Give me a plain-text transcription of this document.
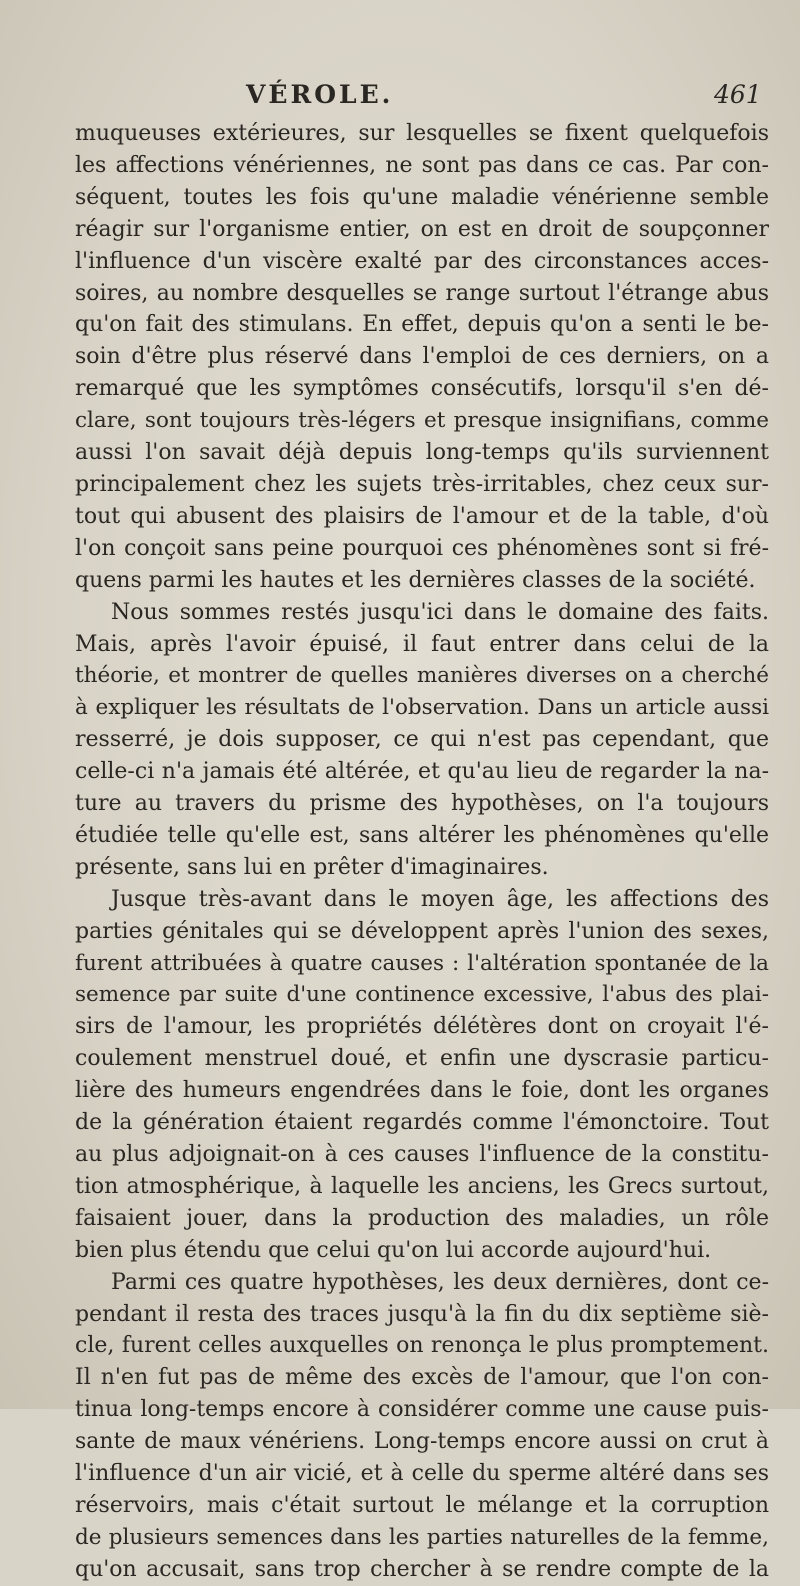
VÉROLE.	461
muqueuses extérieures, sur lesquelles se fixent quelquefois
les affections vénériennes, ne sont pas dans ce cas. Par con-
séquent, toutes les fois qu'une maladie vénérienne semble
réagir sur l'organisme entier, on est en droit de soupçonner
l'influence d'un viscère exalté par des circonstances acces-
soires, au nombre desquelles se range surtout l'étrange abus
qu'on fait des stimulans. En effet, depuis qu'on a senti le be-
soin d'être plus réservé dans l'emploi de ces derniers, on a
remarqué que les symptômes consécutifs, lorsqu'il s'en dé-
clare, sont toujours très-légers et presque insignifians, comme
aussi l'on savait déjà depuis long-temps qu'ils surviennent
principalement chez les sujets très-irritables, chez ceux sur-
tout qui abusent des plaisirs de l'amour et de la table, d'où
l'on conçoit sans peine pourquoi ces phénomènes sont si fré-
quens parmi les hautes et les dernières classes de la société.
Nous sommes restés jusqu'ici dans le domaine des faits.
Mais, après l'avoir épuisé, il faut entrer dans celui de la
théorie, et montrer de quelles manières diverses on a cherché
à expliquer les résultats de l'observation. Dans un article aussi
resserré, je dois supposer, ce qui n'est pas cependant, que
celle-ci n'a jamais été altérée, et qu'au lieu de regarder la na-
ture au travers du prisme des hypothèses, on l'a toujours
étudiée telle qu'elle est, sans altérer les phénomènes qu'elle
présente, sans lui en prêter d'imaginaires.
Jusque très-avant dans le moyen âge, les affections des
parties génitales qui se développent après l'union des sexes,
furent attribuées à quatre causes : l'altération spontanée de la
semence par suite d'une continence excessive, l'abus des plai-
sirs de l'amour, les propriétés délétères dont on croyait l'é-
coulement menstruel doué, et enfin une dyscrasie particu-
lière des humeurs engendrées dans le foie, dont les organes
de la génération étaient regardés comme l'émonctoire. Tout
au plus adjoignait-on à ces causes l'influence de la constitu-
tion atmosphérique, à laquelle les anciens, les Grecs surtout,
faisaient jouer, dans la production des maladies, un rôle
bien plus étendu que celui qu'on lui accorde aujourd'hui.
Parmi ces quatre hypothèses, les deux dernières, dont ce-
pendant il resta des traces jusqu'à la fin du dix septième siè-
cle, furent celles auxquelles on renonça le plus promptement.
Il n'en fut pas de même des excès de l'amour, que l'on con-
tinua long-temps encore à considérer comme une cause puis-
sante de maux vénériens. Long-temps encore aussi on crut à
l'influence d'un air vicié, et à celle du sperme altéré dans ses
réservoirs, mais c'était surtout le mélange et la corruption
de plusieurs semences dans les parties naturelles de la femme,
qu'on accusait, sans trop chercher à se rendre compte de la
